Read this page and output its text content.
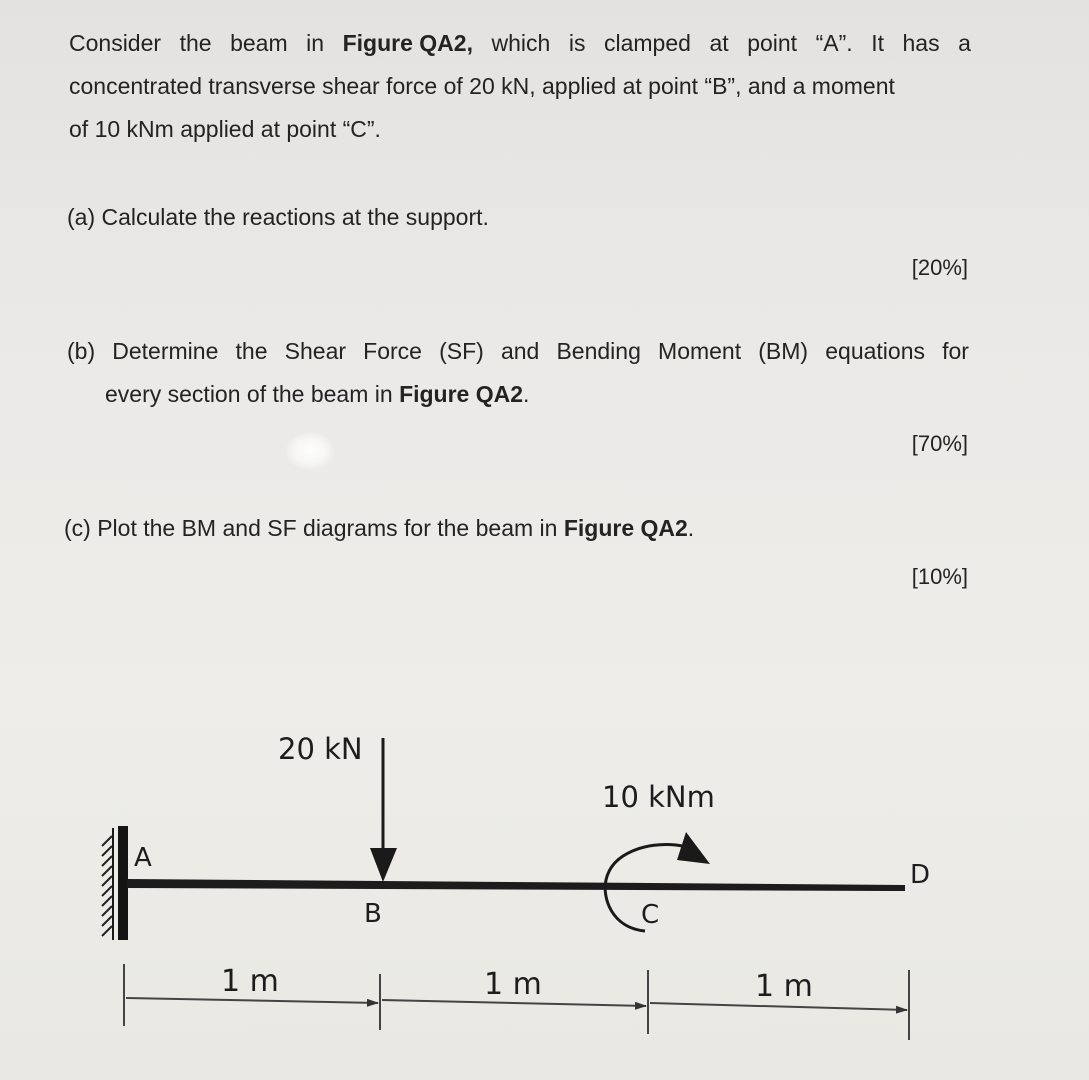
Consider the beam in Figure QA2, which is clamped at point “A”. It has a
concentrated transverse shear force of 20 kN, applied at point “B”, and a moment
of 10 kNm applied at point “C”.
(a) Calculate the reactions at the support.
[20%]
(b) Determine the Shear Force (SF) and Bending Moment (BM) equations for
every section of the beam in Figure QA2.
[70%]
(c) Plot the BM and SF diagrams for the beam in Figure QA2.
[10%]
20 kN
10 kNm
A
B	C
D
1 m	1 m	1 m
